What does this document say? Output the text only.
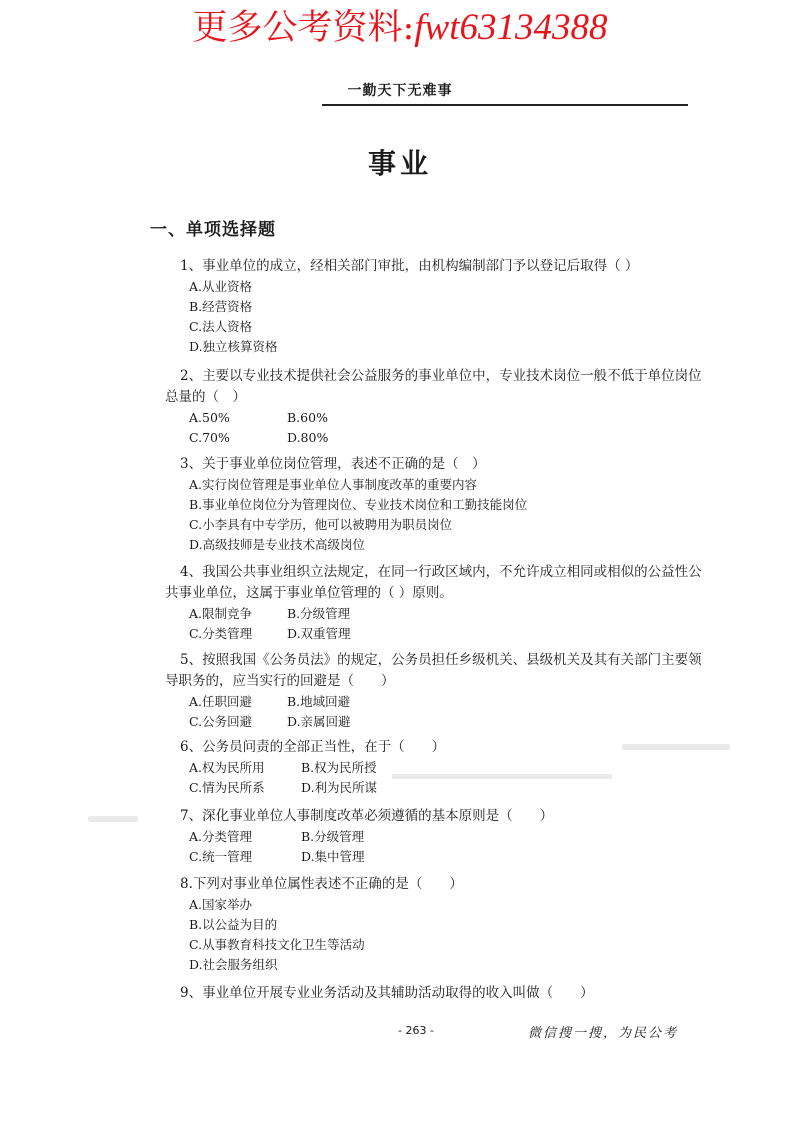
更多公考资料:fwt63134388
一勤天下无难事
事业
一、单项选择题
1、事业单位的成立，经相关部门审批，由机构编制部门予以登记后取得（ ）
A.从业资格
B.经营资格
C.法人资格
D.独立核算资格
2、主要以专业技术提供社会公益服务的事业单位中，专业技术岗位一般不低于单位岗位总量的（　）
A.50%	B.60%
C.70%	D.80%
3、关于事业单位岗位管理，表述不正确的是（　）
A.实行岗位管理是事业单位人事制度改革的重要内容
B.事业单位岗位分为管理岗位、专业技术岗位和工勤技能岗位
C.小李具有中专学历，他可以被聘用为职员岗位
D.高级技师是专业技术高级岗位
4、我国公共事业组织立法规定，在同一行政区域内，不允许成立相同或相似的公益性公共事业单位，这属于事业单位管理的（ ）原则。
A.限制竞争	B.分级管理
C.分类管理	D.双重管理
5、按照我国《公务员法》的规定，公务员担任乡级机关、县级机关及其有关部门主要领导职务的，应当实行的回避是（　　）
A.任职回避	B.地域回避
C.公务回避	D.亲属回避
6、公务员问责的全部正当性，在于（　　）
A.权为民所用	B.权为民所授
C.情为民所系	D.利为民所谋
7、深化事业单位人事制度改革必须遵循的基本原则是（　　）
A.分类管理	B.分级管理
C.统一管理	D.集中管理
8.下列对事业单位属性表述不正确的是（　　）
A.国家举办
B.以公益为目的
C.从事教育科技文化卫生等活动
D.社会服务组织
9、事业单位开展专业业务活动及其辅助活动取得的收入叫做（　　）
- 263 -	微信搜一搜，为民公考
